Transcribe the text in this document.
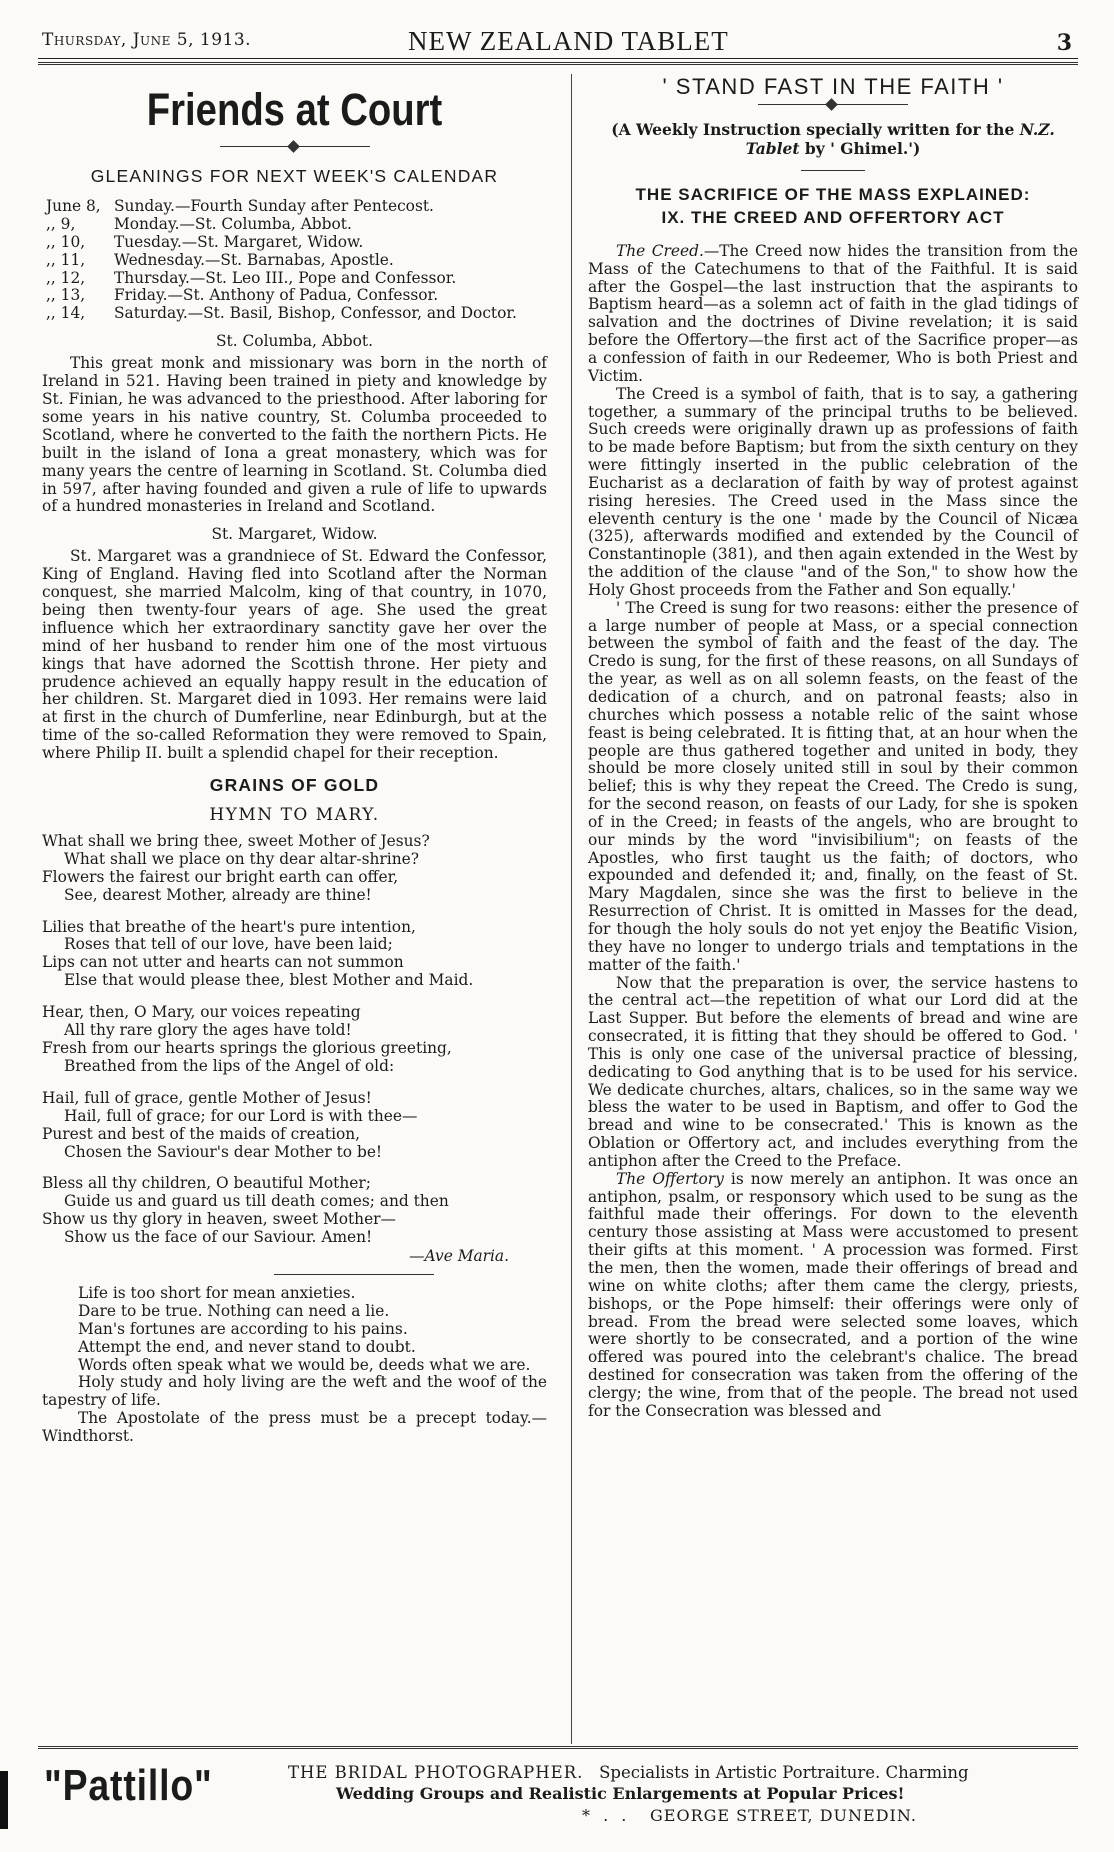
Thursday, June 5, 1913.	NEW ZEALAND TABLET	3
Friends at Court
GLEANINGS FOR NEXT WEEK'S CALENDAR
June 8, Sunday.—Fourth Sunday after Pentecost.
,, 9,	Monday.—St. Columba, Abbot.
,, 10,	Tuesday.—St. Margaret, Widow.
,, 11,	Wednesday.—St. Barnabas, Apostle.
,, 12,	Thursday.—St. Leo III., Pope and Confessor.
,, 13,	Friday.—St. Anthony of Padua, Confessor.
,, 14,	Saturday.—St. Basil, Bishop, Confessor, and Doctor.
St. Columba, Abbot.

This great monk and missionary was born in the north of Ireland in 521. Having been trained in piety and knowledge by St. Finian, he was advanced to the priesthood. After laboring for some years in his native country, St. Columba proceeded to Scotland, where he converted to the faith the northern Picts. He built in the island of Iona a great monastery, which was for many years the centre of learning in Scotland. St. Columba died in 597, after having founded and given a rule of life to upwards of a hundred monasteries in Ireland and Scotland.

St. Margaret, Widow.

St. Margaret was a grandniece of St. Edward the Confessor, King of England. Having fled into Scotland after the Norman conquest, she married Malcolm, king of that country, in 1070, being then twenty-four years of age. She used the great influence which her extraordinary sanctity gave her over the mind of her husband to render him one of the most virtuous kings that have adorned the Scottish throne. Her piety and prudence achieved an equally happy result in the education of her children. St. Margaret died in 1093. Her remains were laid at first in the church of Dumferline, near Edinburgh, but at the time of the so-called Reformation they were removed to Spain, where Philip II. built a splendid chapel for their reception.

GRAINS OF GOLD
HYMN TO MARY.
What shall we bring thee, sweet Mother of Jesus?
What shall we place on thy dear altar-shrine?
Flowers the fairest our bright earth can offer,
See, dearest Mother, already are thine!
Lilies that breathe of the heart's pure intention,
Roses that tell of our love, have been laid;
Lips can not utter and hearts can not summon
Else that would please thee, blest Mother and Maid.
Hear, then, O Mary, our voices repeating
All thy rare glory the ages have told!
Fresh from our hearts springs the glorious greeting,
Breathed from the lips of the Angel of old:
Hail, full of grace, gentle Mother of Jesus!
Hail, full of grace; for our Lord is with thee—
Purest and best of the maids of creation,
Chosen the Saviour's dear Mother to be!
Bless all thy children, O beautiful Mother;
Guide us and guard us till death comes; and then
Show us thy glory in heaven, sweet Mother—
Show us the face of our Saviour. Amen!
—Ave Maria.

Life is too short for mean anxieties.

Dare to be true. Nothing can need a lie.

Man's fortunes are according to his pains.

Attempt the end, and never stand to doubt.

Words often speak what we would be, deeds what we are.

Holy study and holy living are the weft and the woof of the tapestry of life.

The Apostolate of the press must be a precept today.—Windthorst.

' STAND FAST IN THE FAITH '
(A Weekly Instruction specially written for the N.Z. Tablet by ' Ghimel.')
THE SACRIFICE OF THE MASS EXPLAINED:
IX. THE CREED AND OFFERTORY ACT

The Creed.—The Creed now hides the transition from the Mass of the Catechumens to that of the Faithful. It is said after the Gospel—the last instruction that the aspirants to Baptism heard—as a solemn act of faith in the glad tidings of salvation and the doctrines of Divine revelation; it is said before the Offertory—the first act of the Sacrifice proper—as a confession of faith in our Redeemer, Who is both Priest and Victim.

The Creed is a symbol of faith, that is to say, a gathering together, a summary of the principal truths to be believed. Such creeds were originally drawn up as professions of faith to be made before Baptism; but from the sixth century on they were fittingly inserted in the public celebration of the Eucharist as a declaration of faith by way of protest against rising heresies. The Creed used in the Mass since the eleventh century is the one ' made by the Council of Nicæa (325), afterwards modified and extended by the Council of Constantinople (381), and then again extended in the West by the addition of the clause "and of the Son," to show how the Holy Ghost proceeds from the Father and Son equally.'

' The Creed is sung for two reasons: either the presence of a large number of people at Mass, or a special connection between the symbol of faith and the feast of the day. The Credo is sung, for the first of these reasons, on all Sundays of the year, as well as on all solemn feasts, on the feast of the dedication of a church, and on patronal feasts; also in churches which possess a notable relic of the saint whose feast is being celebrated. It is fitting that, at an hour when the people are thus gathered together and united in body, they should be more closely united still in soul by their common belief; this is why they repeat the Creed. The Credo is sung, for the second reason, on feasts of our Lady, for she is spoken of in the Creed; in feasts of the angels, who are brought to our minds by the word "invisibilium"; on feasts of the Apostles, who first taught us the faith; of doctors, who expounded and defended it; and, finally, on the feast of St. Mary Magdalen, since she was the first to believe in the Resurrection of Christ. It is omitted in Masses for the dead, for though the holy souls do not yet enjoy the Beatific Vision, they have no longer to undergo trials and temptations in the matter of the faith.'

Now that the preparation is over, the service hastens to the central act—the repetition of what our Lord did at the Last Supper. But before the elements of bread and wine are consecrated, it is fitting that they should be offered to God. ' This is only one case of the universal practice of blessing, dedicating to God anything that is to be used for his service. We dedicate churches, altars, chalices, so in the same way we bless the water to be used in Baptism, and offer to God the bread and wine to be consecrated.' This is known as the Oblation or Offertory act, and includes everything from the antiphon after the Creed to the Preface.

The Offertory is now merely an antiphon. It was once an antiphon, psalm, or responsory which used to be sung as the faithful made their offerings. For down to the eleventh century those assisting at Mass were accustomed to present their gifts at this moment. ' A procession was formed. First the men, then the women, made their offerings of bread and wine on white cloths; after them came the clergy, priests, bishops, or the Pope himself: their offerings were only of bread. From the bread were selected some loaves, which were shortly to be consecrated, and a portion of the wine offered was poured into the celebrant's chalice. The bread destined for consecration was taken from the offering of the clergy; the wine, from that of the people. The bread not used for the Consecration was blessed and

"Pattillo"	THE BRIDAL PHOTOGRAPHER. Specialists in Artistic Portraiture. Charming
Wedding Groups and Realistic Enlargements at Popular Prices!
* . . GEORGE STREET, DUNEDIN.
